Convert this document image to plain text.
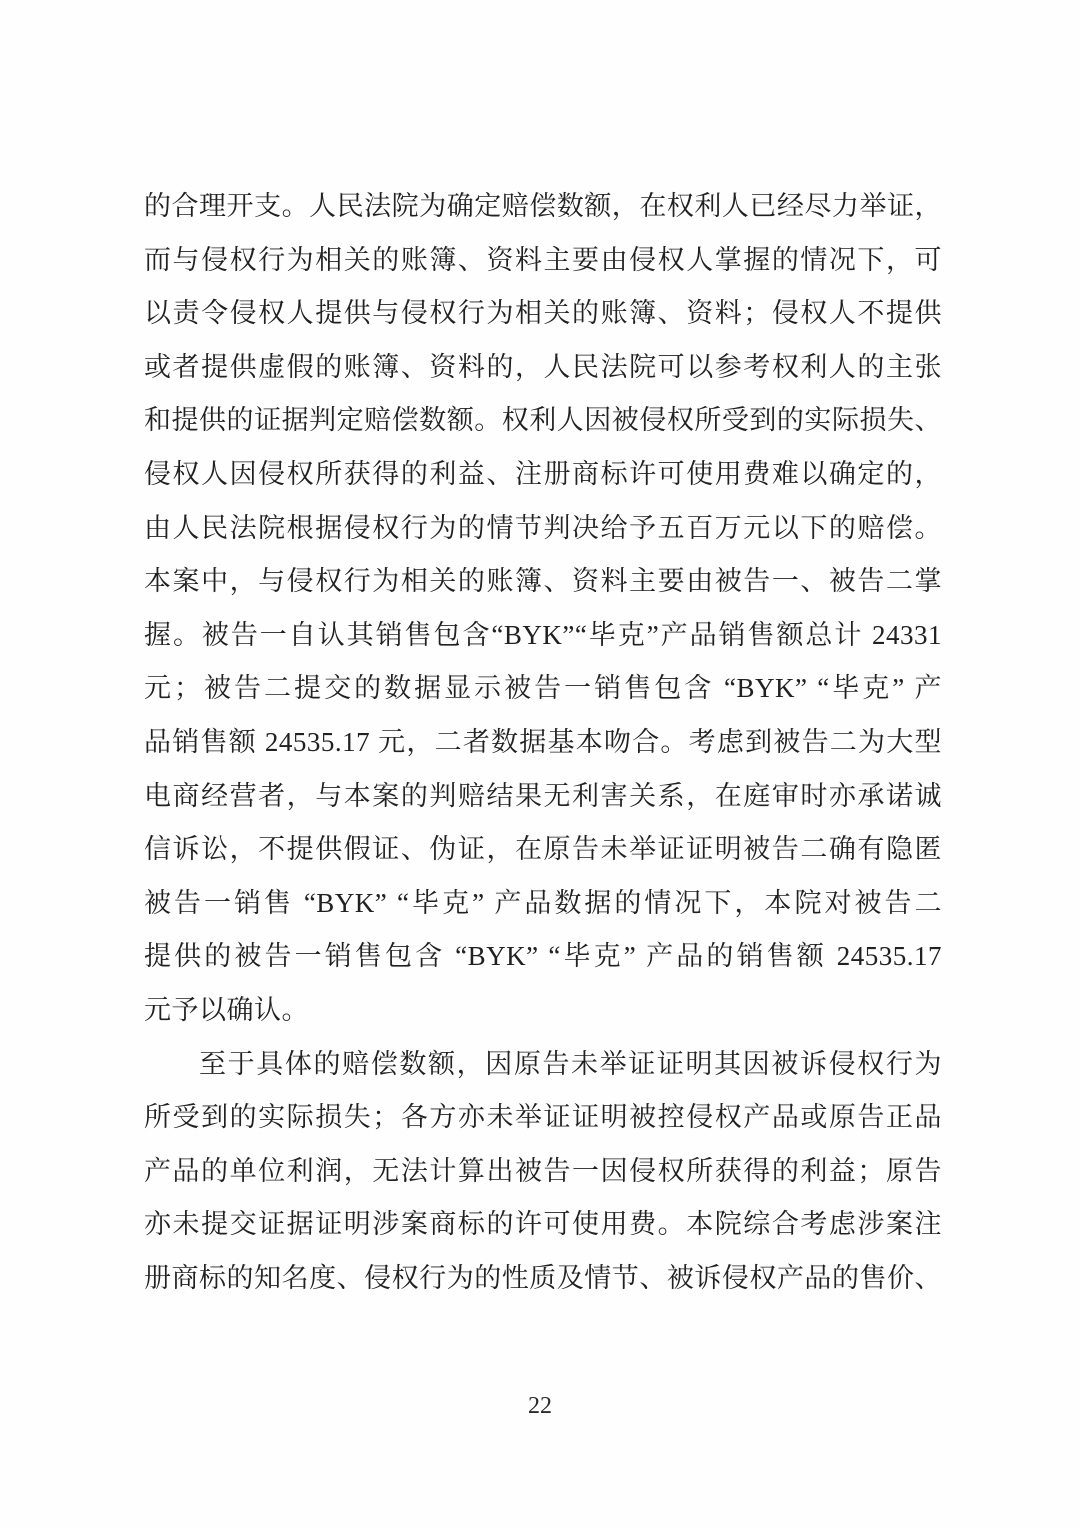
的合理开支。人民法院为确定赔偿数额，在权利人已经尽力举证，
而与侵权行为相关的账簿、资料主要由侵权人掌握的情况下，可
以责令侵权人提供与侵权行为相关的账簿、资料；侵权人不提供
或者提供虚假的账簿、资料的，人民法院可以参考权利人的主张
和提供的证据判定赔偿数额。权利人因被侵权所受到的实际损失、
侵权人因侵权所获得的利益、注册商标许可使用费难以确定的，
由人民法院根据侵权行为的情节判决给予五百万元以下的赔偿。
本案中，与侵权行为相关的账簿、资料主要由被告一、被告二掌
握。被告一自认其销售包含“BYK”“毕克”产品销售额总计 24331
元；被告二提交的数据显示被告一销售包含 “BYK” “毕克” 产
品销售额 24535.17 元，二者数据基本吻合。考虑到被告二为大型
电商经营者，与本案的判赔结果无利害关系，在庭审时亦承诺诚
信诉讼，不提供假证、伪证，在原告未举证证明被告二确有隐匿
被告一销售 “BYK” “毕克” 产品数据的情况下，本院对被告二
提供的被告一销售包含 “BYK” “毕克” 产品的销售额 24535.17
元予以确认。
至于具体的赔偿数额，因原告未举证证明其因被诉侵权行为
所受到的实际损失；各方亦未举证证明被控侵权产品或原告正品
产品的单位利润，无法计算出被告一因侵权所获得的利益；原告
亦未提交证据证明涉案商标的许可使用费。本院综合考虑涉案注
册商标的知名度、侵权行为的性质及情节、被诉侵权产品的售价、
22
